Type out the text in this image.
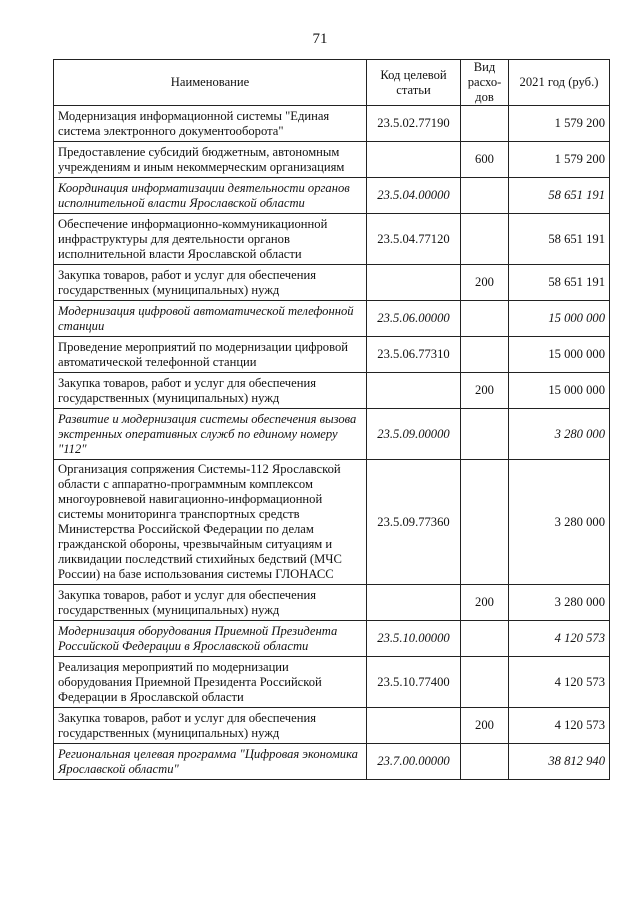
71
Наименование	Код целевой статьи	Вид расхо-дов	2021 год (руб.)
Модернизация информационной системы "Единая система электронного документооборота"	23.5.02.77190		1 579 200
Предоставление субсидий бюджетным, автономным учреждениям и иным некоммерческим организациям		600	1 579 200
Координация информатизации деятельности органов исполнительной власти Ярославской области	23.5.04.00000		58 651 191
Обеспечение информационно-коммуникационной инфраструктуры для деятельности органов исполнительной власти Ярославской области	23.5.04.77120		58 651 191
Закупка товаров, работ и услуг для обеспечения государственных (муниципальных) нужд		200	58 651 191
Модернизация цифровой автоматической телефонной станции	23.5.06.00000		15 000 000
Проведение мероприятий по модернизации цифровой автоматической телефонной станции	23.5.06.77310		15 000 000
Закупка товаров, работ и услуг для обеспечения государственных (муниципальных) нужд		200	15 000 000
Развитие и модернизация системы обеспечения вызова экстренных оперативных служб по единому номеру "112"	23.5.09.00000		3 280 000
Организация сопряжения Системы-112 Ярославской области с аппаратно-программным комплексом многоуровневой навигационно-информационной системы мониторинга транспортных средств Министерства Российской Федерации по делам гражданской обороны, чрезвычайным ситуациям и ликвидации последствий стихийных бедствий (МЧС России) на базе использования системы ГЛОНАСС	23.5.09.77360		3 280 000
Закупка товаров, работ и услуг для обеспечения государственных (муниципальных) нужд		200	3 280 000
Модернизация оборудования Приемной Президента Российской Федерации в Ярославской области	23.5.10.00000		4 120 573
Реализация мероприятий по модернизации оборудования Приемной Президента Российской Федерации в Ярославской области	23.5.10.77400		4 120 573
Закупка товаров, работ и услуг для обеспечения государственных (муниципальных) нужд		200	4 120 573
Региональная целевая программа "Цифровая экономика Ярославской области"	23.7.00.00000		38 812 940
